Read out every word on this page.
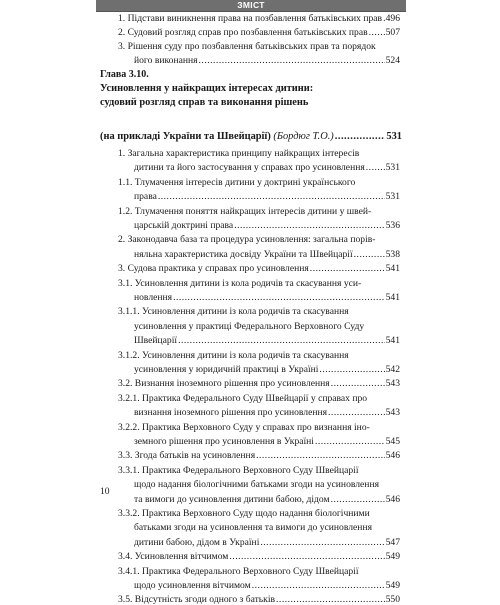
ЗМІСТ
1. Підстави виникнення права на позбавлення батьківських прав ..... 496
2. Судовий розгляд справ про позбавлення батьківських прав ..... 507
3. Рішення суду про позбавлення батьківських прав та порядок
його виконання .....	524
Глава 3.10.
Усиновлення у найкращих інтересах дитини:
судовий розгляд справ та виконання рішень
(на прикладі України та Швейцарії)
(Бордюг Т.О.) .....	531
1. Загальна характеристика принципу найкращих інтересів
дитини та його застосування у справах про усиновлення ..... 531
1.1. Тлумачення інтересів дитини у доктрині українського
права .....	531
1.2. Тлумачення поняття найкращих інтересів дитини у швей-
царській доктрині права .....	536
2. Законодавча база та процедура усиновлення: загальна порів-
няльна характеристика досвіду України та Швейцарії .....	538
3. Судова практика у справах про усиновлення .....	541
3.1. Усиновлення дитини із кола родичів та скасування уси-
новлення .....	541
3.1.1. Усиновлення дитини із кола родичів та скасування
усиновлення у практиці Федерального Верховного Суду
Швейцарії .....	541
3.1.2. Усиновлення дитини із кола родичів та скасування
усиновлення у юридичній практиці в Україні .....	542
3.2. Визнання іноземного рішення про усиновлення .....	543
3.2.1. Практика Федерального Суду Швейцарії у справах про
визнання іноземного рішення про усиновлення .....	543
3.2.2. Практика Верховного Суду у справах про визнання іно-
земного рішення про усиновлення в Україні .....	545
3.3. Згода батьків на усиновлення .....	546
3.3.1. Практика Федерального Верховного Суду Швейцарії
щодо надання біологічними батьками згоди на усиновлення
та вимоги до усиновлення дитини бабою, дідом .....	546
3.3.2. Практика Верховного Суду щодо надання біологічними
батьками згоди на усиновлення та вимоги до усиновлення
дитини бабою, дідом в Україні .....	547
3.4. Усиновлення вітчимом .....	549
3.4.1. Практика Федерального Верховного Суду Швейцарії
щодо усиновлення вітчимом .....	549
3.5. Відсутність згоди одного з батьків .....	550
10
